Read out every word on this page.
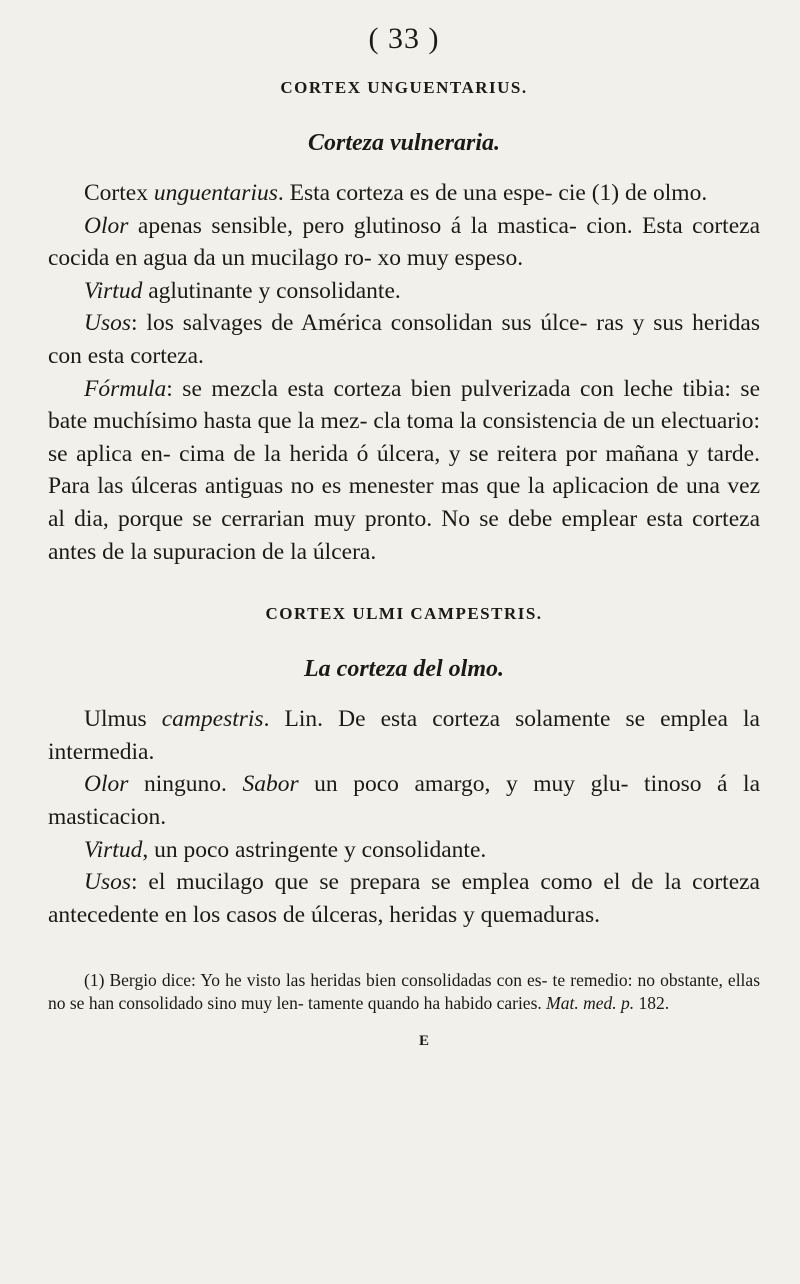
( 33 )
CORTEX UNGUENTARIUS.
Corteza vulneraria.

Cortex unguentarius. Esta corteza es de una espe- cie (1) de olmo.

Olor apenas sensible, pero glutinoso á la mastica- cion. Esta corteza cocida en agua da un mucilago ro- xo muy espeso.

Virtud aglutinante y consolidante.

Usos: los salvages de América consolidan sus úlce- ras y sus heridas con esta corteza.

Fórmula: se mezcla esta corteza bien pulverizada con leche tibia: se bate muchísimo hasta que la mez- cla toma la consistencia de un electuario: se aplica en- cima de la herida ó úlcera, y se reitera por mañana y tarde. Para las úlceras antiguas no es menester mas que la aplicacion de una vez al dia, porque se cerrarian muy pronto. No se debe emplear esta corteza antes de la supuracion de la úlcera.

CORTEX ULMI CAMPESTRIS.
La corteza del olmo.

Ulmus campestris. Lin. De esta corteza solamente se emplea la intermedia.

Olor ninguno. Sabor un poco amargo, y muy glu- tinoso á la masticacion.

Virtud, un poco astringente y consolidante.

Usos: el mucilago que se prepara se emplea como el de la corteza antecedente en los casos de úlceras, heridas y quemaduras.

(1) Bergio dice: Yo he visto las heridas bien consolidadas con es- te remedio: no obstante, ellas no se han consolidado sino muy len- tamente quando ha habido caries. Mat. med. p. 182.

E
